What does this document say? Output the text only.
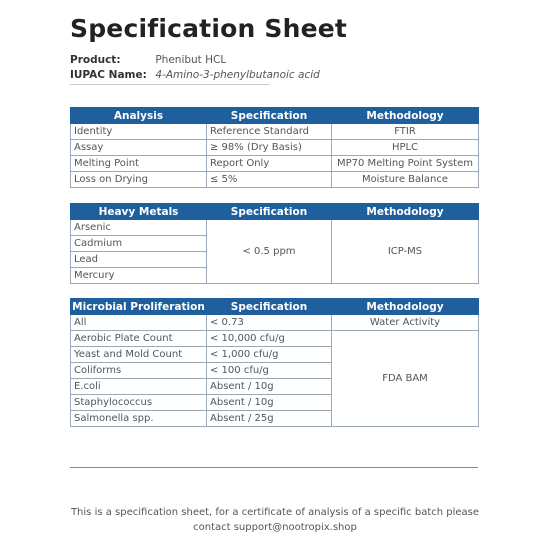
Specification Sheet
Product:	Phenibut HCL
IUPAC Name: 4-Amino-3-phenylbutanoic acid
Analysis	Specification	Methodology
Identity	Reference Standard	FTIR
Assay	≥ 98% (Dry Basis)	HPLC
Melting Point	Report Only	MP70 Melting Point System
Loss on Drying	≤ 5%	Moisture Balance
Heavy Metals	Specification	Methodology
Arsenic	< 0.5 ppm	ICP-MS
Cadmium		
Lead		
Mercury		
Microbial Proliferation	Specification	Methodology
All	< 0.73	Water Activity
Aerobic Plate Count	< 10,000 cfu/g	FDA BAM
Yeast and Mold Count	< 1,000 cfu/g	
Coliforms	< 100 cfu/g	
E.coli	Absent / 10g	
Staphylococcus	Absent / 10g	
Salmonella spp.	Absent / 25g	
This is a specification sheet, for a certificate of analysis of a specific batch please
contact support@nootropix.shop
